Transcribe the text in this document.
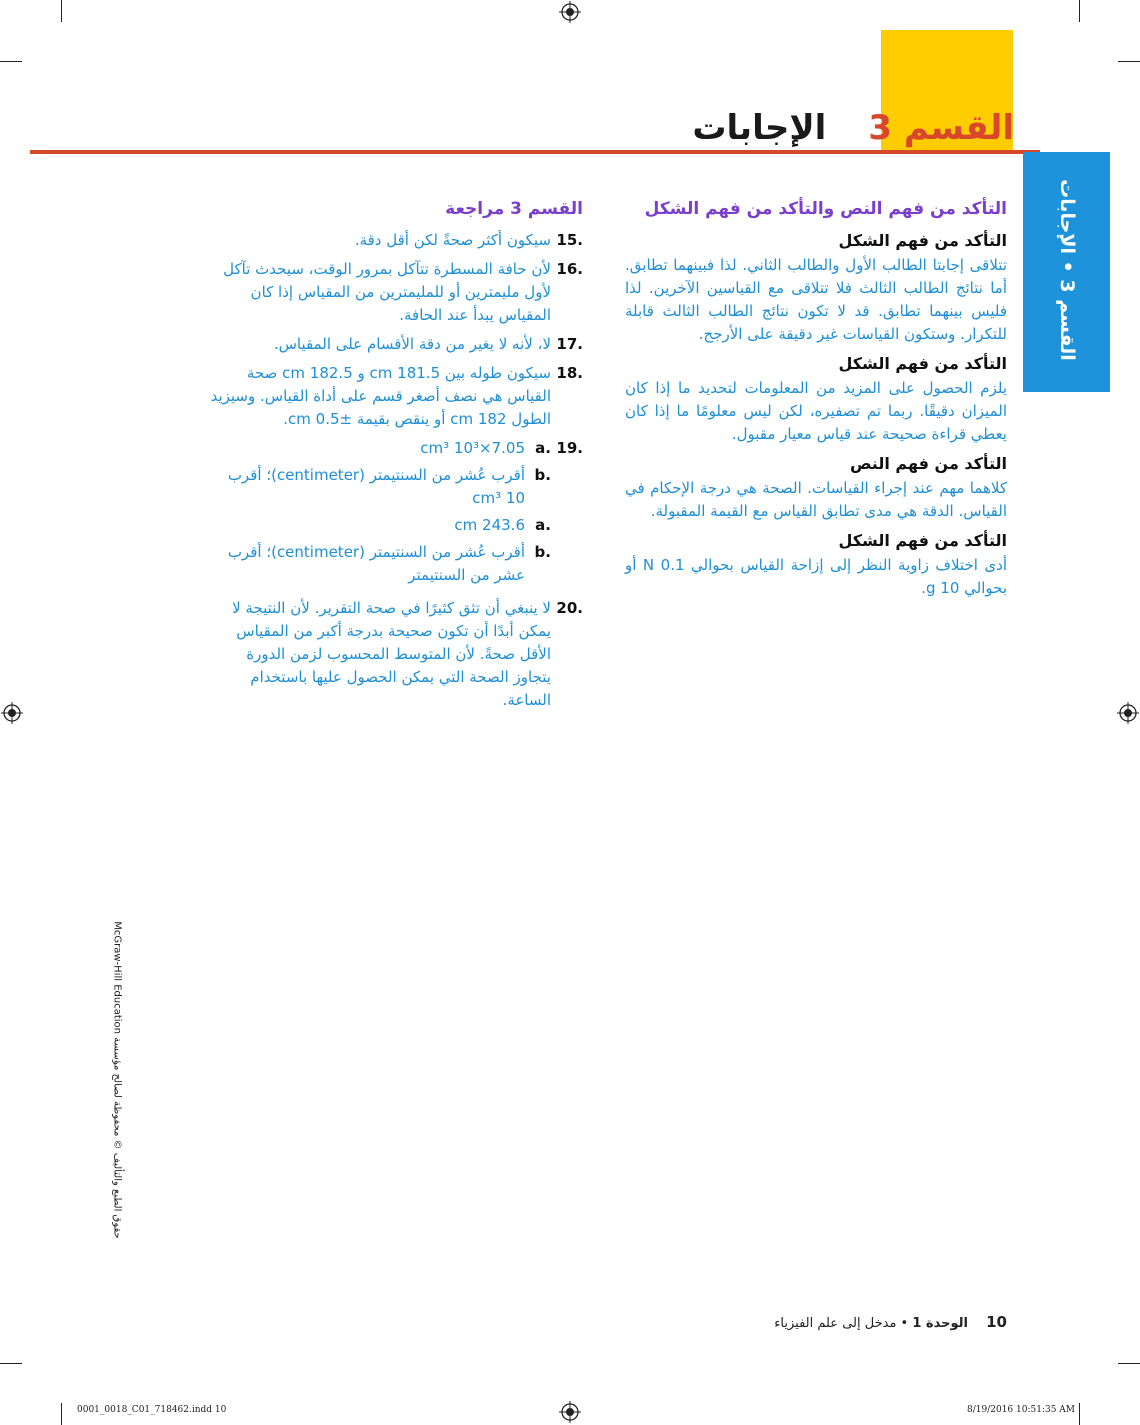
القسم 3الإجابات
القسم 3 • الإجابات
التأكد من فهم النص والتأكد من فهم الشكل
التأكد من فهم الشكل
تتلاقى إجابتا الطالب الأول والطالب الثاني. لذا فبينهما تطابق. أما نتائج الطالب الثالث فلا تتلاقى مع القياسين الآخرين. لذا فليس بينهما تطابق. قد لا تكون نتائج الطالب الثالث قابلة للتكرار. وستكون القياسات غير دقيقة على الأرجح.
التأكد من فهم الشكل
يلزم الحصول على المزيد من المعلومات لتحديد ما إذا كان الميزان دقيقًا. ربما تم تصفيره، لكن ليس معلومًا ما إذا كان يعطي قراءة صحيحة عند قياس معيار مقبول.
التأكد من فهم النص
كلاهما مهم عند إجراء القياسات. الصحة هي درجة الإحكام في القياس. الدقة هي مدى تطابق القياس مع القيمة المقبولة.
التأكد من فهم الشكل
أدى اختلاف زاوية النظر إلى إزاحة القياس بحوالي 0.1 N أو بحوالي 10 g.
القسم 3 مراجعة
.15
سيكون أكثر صحةً لكن أقل دقة.
.16
لأن حافة المسطرة تتآكل بمرور الوقت، سيحدث تآكل لأول مليمترين أو للمليمترين من المقياس إذا كان المقياس يبدأ عند الحافة.
.17
لا، لأنه لا يغير من دقة الأقسام على المقياس.
.18
سيكون طوله بين 181.5 cm و 182.5 cm صحة القياس هي نصف أصغر قسم على أداة القياس. وسيزيد الطول 182 cm أو ينقص بقيمة ±0.5 cm.
.19
.a
7.05×10³ cm³
.b
أقرب عُشر من السنتيمتر (centimeter)؛ أقرب 10 cm³
.a
243.6 cm
.b
أقرب عُشر من السنتيمتر (centimeter)؛ أقرب عشر من السنتيمتر
.20
لا ينبغي أن تثق كثيرًا في صحة التقرير. لأن النتيجة لا يمكن أبدًا أن تكون صحيحة بدرجة أكبر من المقياس الأقل صحةً. لأن المتوسط المحسوب لزمن الدورة يتجاوز الصحة التي يمكن الحصول عليها باستخدام الساعة.
حقوق الطبع والتأليف © محفوظة لصالح مؤسسة McGraw-Hill Education
10 الوحدة 1 • مدخل إلى علم الفيزياء
0001_0018_C01_718462.indd 10	8/19/2016 10:51:35 AM
